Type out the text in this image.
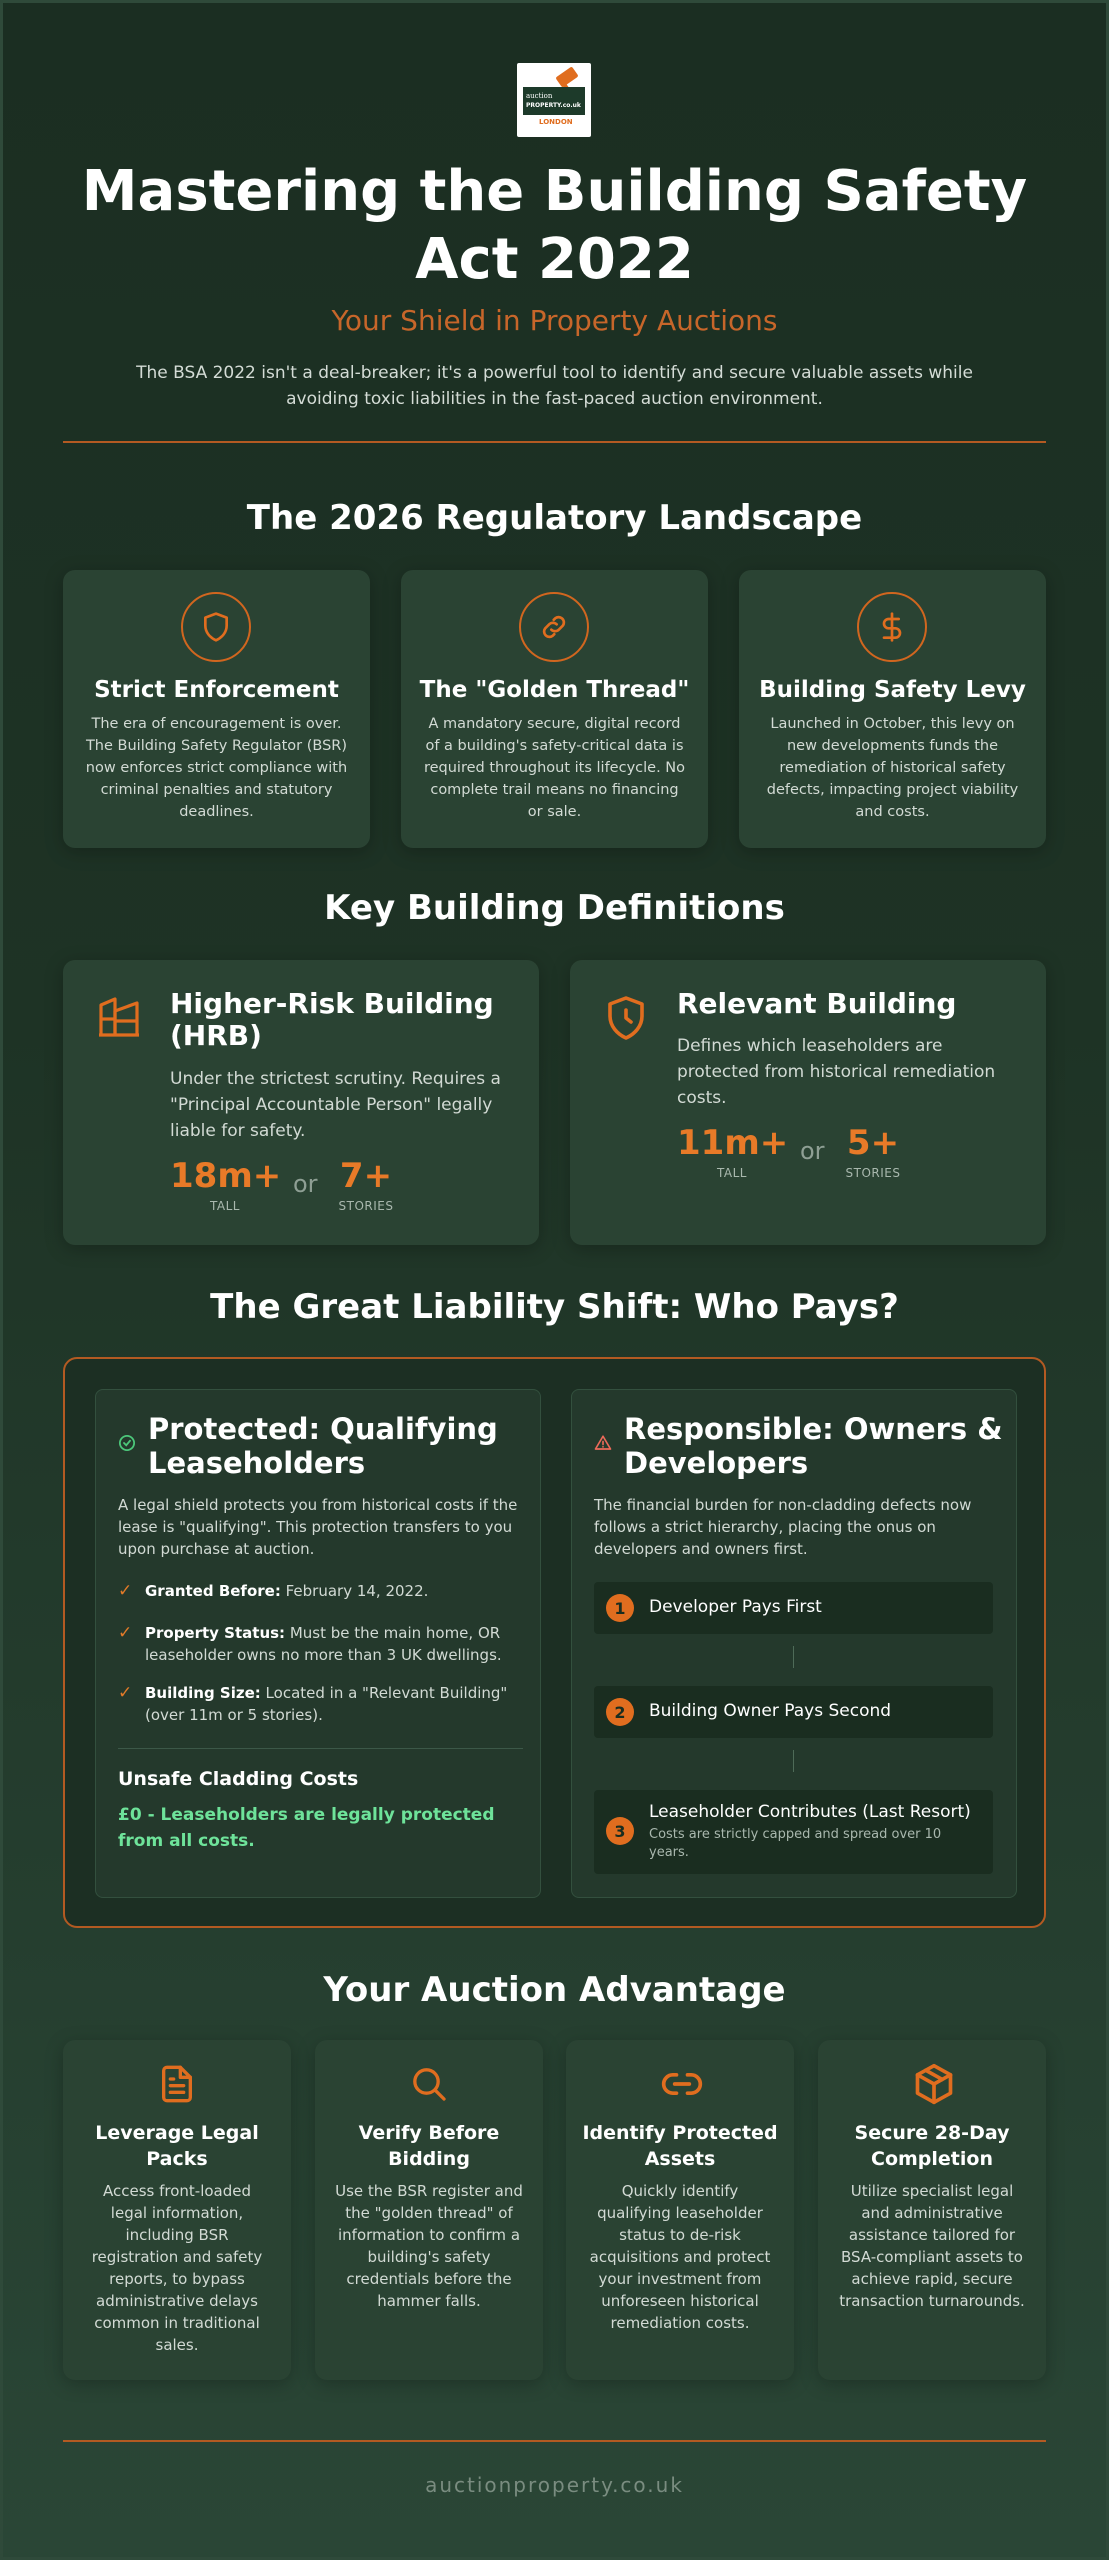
auction
PROPERTY.co.uk
LONDON
Mastering the Building Safety Act 2022
Your Shield in Property Auctions

The BSA 2022 isn't a deal-breaker; it's a powerful tool to identify and secure valuable assets while avoiding toxic liabilities in the fast-paced auction environment.

The 2026 Regulatory Landscape
Strict Enforcement
The era of encouragement is over. The Building Safety Regulator (BSR) now enforces strict compliance with criminal penalties and statutory deadlines.
The "Golden Thread"
A mandatory secure, digital record of a building's safety-critical data is required throughout its lifecycle. No complete trail means no financing or sale.
Building Safety Levy
Launched in October, this levy on new developments funds the remediation of historical safety defects, impacting project viability and costs.
Key Building Definitions
Higher-Risk Building (HRB)
Under the strictest scrutiny. Requires a "Principal Accountable Person" legally liable for safety.
18m+
TALL
or 7+
STORIES
Relevant Building
Defines which leaseholders are protected from historical remediation costs.
11m+
TALL
or 5+
STORIES
The Great Liability Shift: Who Pays?
Protected: Qualifying Leaseholders
A legal shield protects you from historical costs if the lease is "qualifying". This protection transfers to you upon purchase at auction.
✓ Granted Before: February 14, 2022.
✓ Property Status: Must be the main home, OR leaseholder owns no more than 3 UK dwellings.
✓ Building Size: Located in a "Relevant Building" (over 11m or 5 stories).
Unsafe Cladding Costs
£0 - Leaseholders are legally protected from all costs.
Responsible: Owners & Developers
The financial burden for non-cladding defects now follows a strict hierarchy, placing the onus on developers and owners first.
1	Developer Pays First
2	Building Owner Pays Second
3
Leaseholder Contributes (Last Resort)
Costs are strictly capped and spread over 10 years.
Your Auction Advantage
Leverage Legal Packs
Access front-loaded legal information, including BSR registration and safety reports, to bypass administrative delays common in traditional sales.
Verify Before Bidding
Use the BSR register and the "golden thread" of information to confirm a building's safety credentials before the hammer falls.
Identify Protected Assets
Quickly identify qualifying leaseholder status to de-risk acquisitions and protect your investment from unforeseen historical remediation costs.
Secure 28-Day Completion
Utilize specialist legal and administrative assistance tailored for BSA-compliant assets to achieve rapid, secure transaction turnarounds.
auctionproperty.co.uk
